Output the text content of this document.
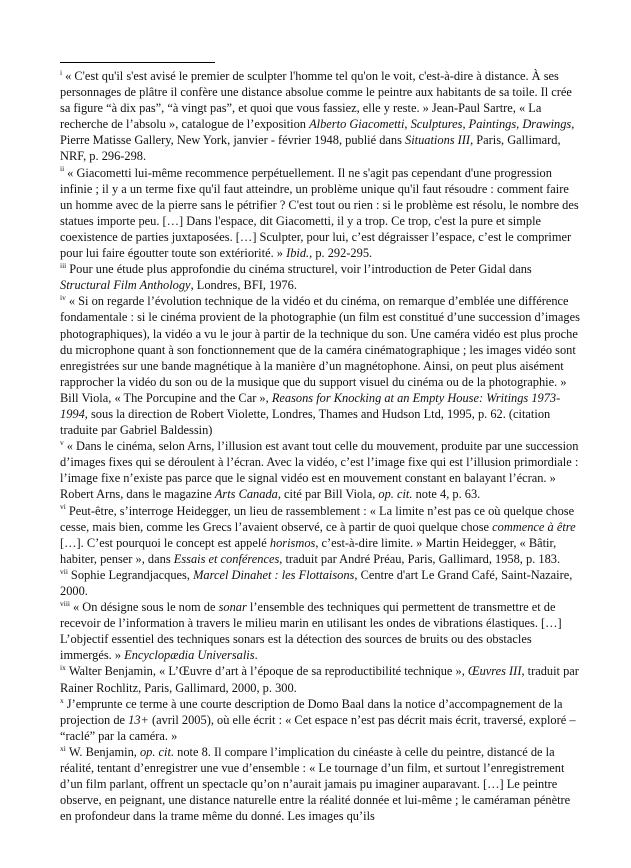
$^i$ « C'est qu'il s'est avisé le premier de sculpter l'homme tel qu'on le voit, c'est-à-dire à distance. À ses personnages de plâtre il confère une distance absolue comme le peintre aux habitants de sa toile. Il crée sa figure “à dix pas”, “à vingt pas”, et quoi que vous fassiez, elle y reste. » Jean-Paul Sartre, « La recherche de l’absolu », catalogue de l’exposition Alberto Giacometti, Sculptures, Paintings, Drawings, Pierre Matisse Gallery, New York, janvier - février 1948, publié dans Situations III, Paris, Gallimard, NRF, p. 296-298.

$^{ii}$ « Giacometti lui-même recommence perpétuellement. Il ne s'agit pas cependant d'une progression infinie ; il y a un terme fixe qu'il faut atteindre, un problème unique qu'il faut résoudre : comment faire un homme avec de la pierre sans le pétrifier ? C'est tout ou rien : si le problème est résolu, le nombre des statues importe peu. […] Dans l'espace, dit Giacometti, il y a trop. Ce trop, c'est la pure et simple coexistence de parties juxtaposées. […] Sculpter, pour lui, c’est dégraisser l’espace, c’est le comprimer pour lui faire égoutter toute son extériorité. » Ibid., p. 292-295.

$^{iii}$ Pour une étude plus approfondie du cinéma structurel, voir l’introduction de Peter Gidal dans Structural Film Anthology, Londres, BFI, 1976.

$^{iv}$ « Si on regarde l’évolution technique de la vidéo et du cinéma, on remarque d’emblée une différence fondamentale : si le cinéma provient de la photographie (un film est constitué d’une succession d’images photographiques), la vidéo a vu le jour à partir de la technique du son. Une caméra vidéo est plus proche du microphone quant à son fonctionnement que de la caméra cinématographique ; les images vidéo sont enregistrées sur une bande magnétique à la manière d’un magnétophone. Ainsi, on peut plus aisément rapprocher la vidéo du son ou de la musique que du support visuel du cinéma ou de la photographie. » Bill Viola, « The Porcupine and the Car », Reasons for Knocking at an Empty House: Writings 1973-1994, sous la direction de Robert Violette, Londres, Thames and Hudson Ltd, 1995, p. 62. (citation traduite par Gabriel Baldessin)

$^v$ « Dans le cinéma, selon Arns, l’illusion est avant tout celle du mouvement, produite par une succession d’images fixes qui se déroulent à l’écran. Avec la vidéo, c’est l’image fixe qui est l’illusion primordiale : l’image fixe n’existe pas parce que le signal vidéo est en mouvement constant en balayant l’écran. » Robert Arns, dans le magazine Arts Canada, cité par Bill Viola, op. cit. note 4, p. 63.

$^{vi}$ Peut-être, s’interroge Heidegger, un lieu de rassemblement : « La limite n’est pas ce où quelque chose cesse, mais bien, comme les Grecs l’avaient observé, ce à partir de quoi quelque chose commence à être […]. C’est pourquoi le concept est appelé horismos, c’est-à-dire limite. » Martin Heidegger, « Bâtir, habiter, penser », dans Essais et conférences, traduit par André Préau, Paris, Gallimard, 1958, p. 183.

$^{vii}$ Sophie Legrandjacques, Marcel Dinahet : les Flottaisons, Centre d'art Le Grand Café, Saint-Nazaire, 2000.

$^{viii}$ « On désigne sous le nom de sonar l’ensemble des techniques qui permettent de transmettre et de recevoir de l’information à travers le milieu marin en utilisant les ondes de vibrations élastiques. […] L’objectif essentiel des techniques sonars est la détection des sources de bruits ou des obstacles immergés. » Encyclopædia Universalis.

$^{ix}$ Walter Benjamin, « L’Œuvre d’art à l’époque de sa reproductibilité technique », Œuvres III, traduit par Rainer Rochlitz, Paris, Gallimard, 2000, p. 300.

$^x$ J’emprunte ce terme à une courte description de Domo Baal dans la notice d’accompagnement de la projection de 13+ (avril 2005), où elle écrit : « Cet espace n’est pas décrit mais écrit, traversé, exploré – “raclé” par la caméra. »

$^{xi}$ W. Benjamin, op. cit. note 8. Il compare l’implication du cinéaste à celle du peintre, distancé de la réalité, tentant d’enregistrer une vue d’ensemble : « Le tournage d’un film, et surtout l’enregistrement d’un film parlant, offrent un spectacle qu’on n’aurait jamais pu imaginer auparavant. […] Le peintre observe, en peignant, une distance naturelle entre la réalité donnée et lui-même ; le caméraman pénètre en profondeur dans la trame même du donné. Les images qu’ils
